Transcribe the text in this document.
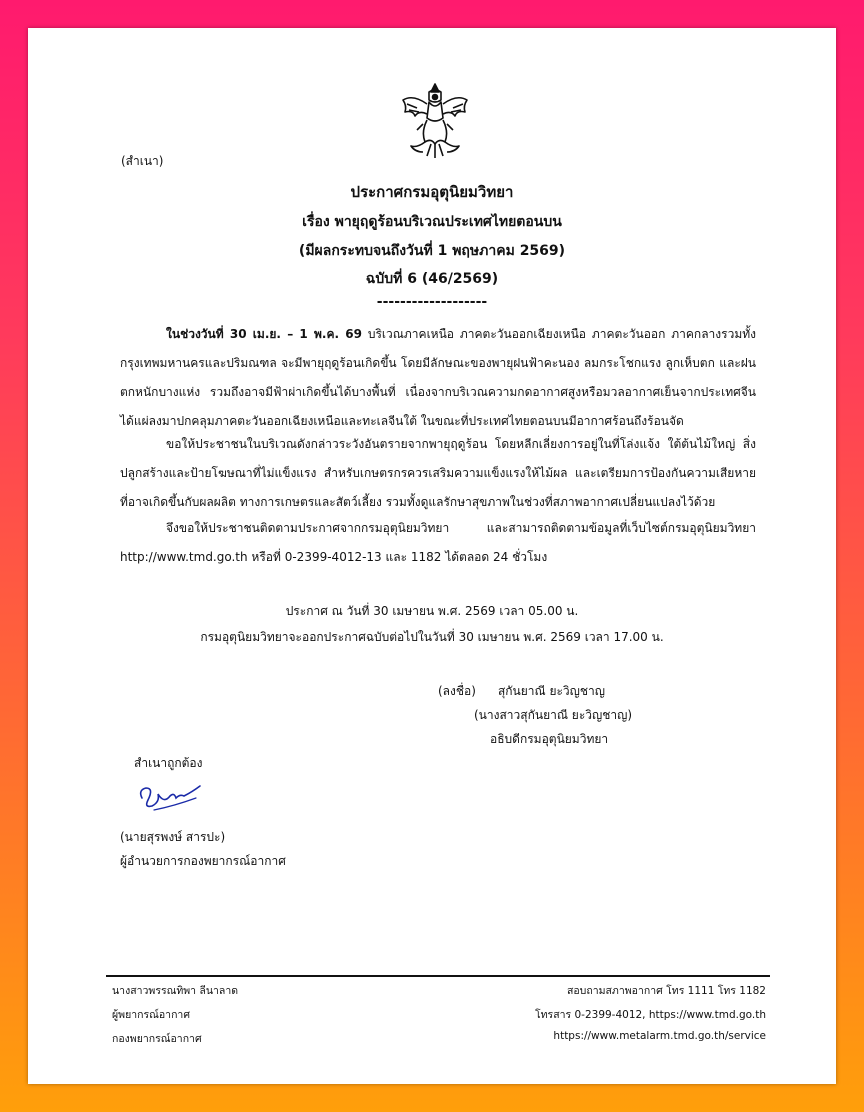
(สำเนา)
ประกาศกรมอุตุนิยมวิทยา
เรื่อง พายุฤดูร้อนบริเวณประเทศไทยตอนบน
(มีผลกระทบจนถึงวันที่ 1 พฤษภาคม 2569)
ฉบับที่ 6 (46/2569)
-------------------
ในช่วงวันที่ 30 เม.ย. – 1 พ.ค. 69 บริเวณภาคเหนือ ภาคตะวันออกเฉียงเหนือ ภาคตะวันออก ภาคกลางรวมทั้งกรุงเทพมหานครและปริมณฑล จะมีพายุฤดูร้อนเกิดขึ้น โดยมีลักษณะของพายุฝนฟ้าคะนอง ลมกระโชกแรง ลูกเห็บตก และฝนตกหนักบางแห่ง รวมถึงอาจมีฟ้าผ่าเกิดขึ้นได้บางพื้นที่ เนื่องจากบริเวณความกดอากาศสูงหรือมวลอากาศเย็นจากประเทศจีนได้แผ่ลงมาปกคลุมภาคตะวันออกเฉียงเหนือและทะเลจีนใต้ ในขณะที่ประเทศไทยตอนบนมีอากาศร้อนถึงร้อนจัด
ขอให้ประชาชนในบริเวณดังกล่าวระวังอันตรายจากพายุฤดูร้อน โดยหลีกเลี่ยงการอยู่ในที่โล่งแจ้ง ใต้ต้นไม้ใหญ่ สิ่งปลูกสร้างและป้ายโฆษณาที่ไม่แข็งแรง สำหรับเกษตรกรควรเสริมความแข็งแรงให้ไม้ผล และเตรียมการป้องกันความเสียหายที่อาจเกิดขึ้นกับผลผลิต ทางการเกษตรและสัตว์เลี้ยง รวมทั้งดูแลรักษาสุขภาพในช่วงที่สภาพอากาศเปลี่ยนแปลงไว้ด้วย
จึงขอให้ประชาชนติดตามประกาศจากกรมอุตุนิยมวิทยา และสามารถติดตามข้อมูลที่เว็บไซต์กรมอุตุนิยมวิทยา http://www.tmd.go.th หรือที่ 0-2399-4012-13 และ 1182 ได้ตลอด 24 ชั่วโมง
ประกาศ ณ วันที่ 30 เมษายน พ.ศ. 2569 เวลา 05.00 น.
กรมอุตุนิยมวิทยาจะออกประกาศฉบับต่อไปในวันที่ 30 เมษายน พ.ศ. 2569 เวลา 17.00 น.
(ลงชื่อ) สุกันยาณี ยะวิญชาญ
(นางสาวสุกันยาณี ยะวิญชาญ)
อธิบดีกรมอุตุนิยมวิทยา
สำเนาถูกต้อง
(นายสุรพงษ์ สารปะ)
ผู้อำนวยการกองพยากรณ์อากาศ
นางสาวพรรณทิพา ลีนาลาด
ผู้พยากรณ์อากาศ
กองพยากรณ์อากาศ
สอบถามสภาพอากาศ โทร 1111 โทร 1182
โทรสาร 0-2399-4012, https://www.tmd.go.th
https://www.metalarm.tmd.go.th/service
